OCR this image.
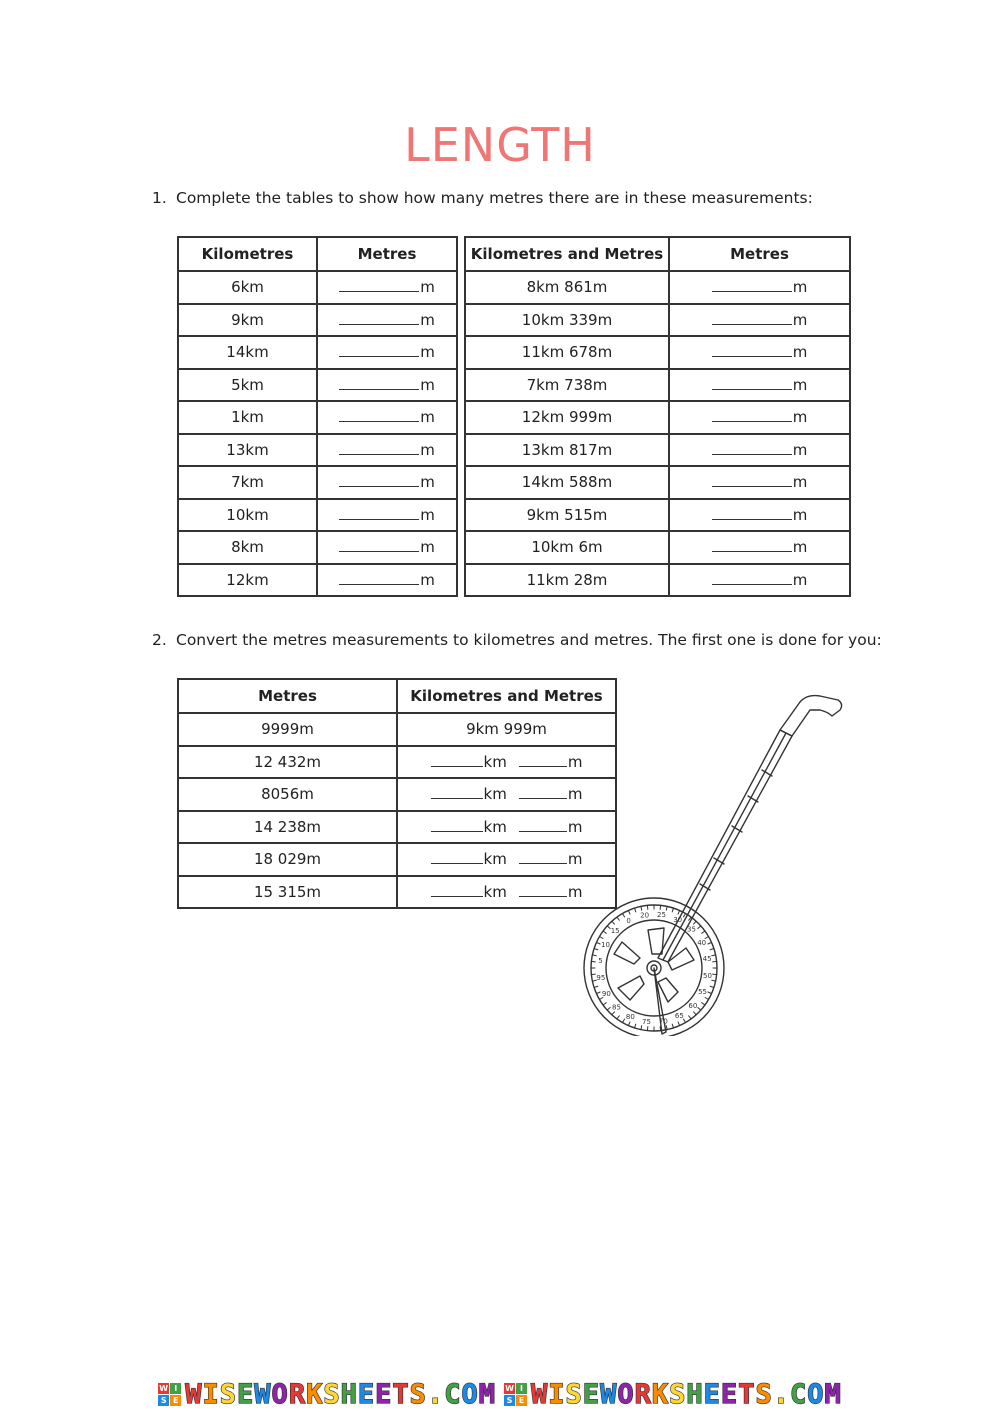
LENGTH
1. Complete the tables to show how many metres there are in these measurements:
Kilometres	Metres
6km	m
9km	m
14km	m
5km	m
1km	m
13km	m
7km	m
10km	m
8km	m
12km	m
Kilometres and Metres	Metres
8km 861m	m
10km 339m	m
11km 678m	m
7km 738m	m
12km 999m	m
13km 817m	m
14km 588m	m
9km 515m	m
10km 6m	m
11km 28m	m
2. Convert the metres measurements to kilometres and metres. The first one is done for you:
Metres	Kilometres and Metres
9999m	9km 999m
12 432m	km m
8056m	km m
14 238m	km m
18 029m	km m
15 315m	km m
20 25
30
35
40
45
50
55
60
65
70
75
80
85
90
95
5
10
15
0
W I
S E WISEWORKSHEETS.COM W I
S E WISEWORKSHEETS.COM
